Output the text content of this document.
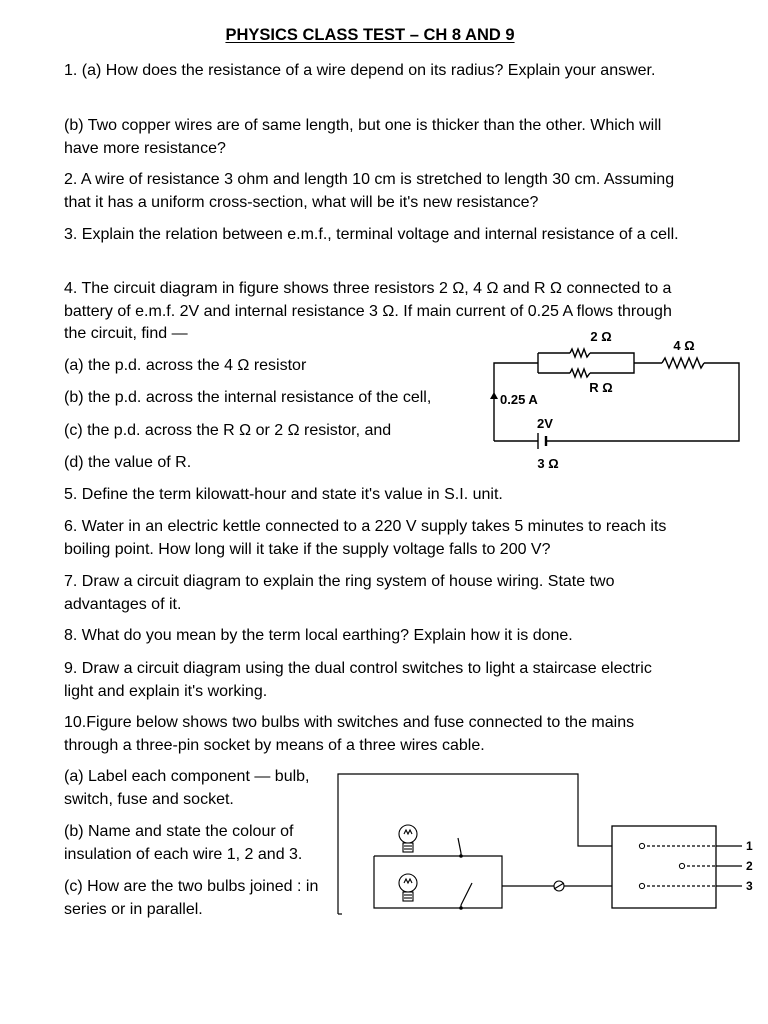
PHYSICS CLASS TEST – CH 8 AND 9

1. (a) How does the resistance of a wire depend on its radius? Explain your answer.

(b) Two copper wires are of same length, but one is thicker than the other. Which will have more resistance?

2. A wire of resistance 3 ohm and length 10 cm is stretched to length 30 cm. Assuming that it has a uniform cross-section, what will be it's new resistance?

3. Explain the relation between e.m.f., terminal voltage and internal resistance of a cell.

4. The circuit diagram in figure shows three resistors 2 Ω, 4 Ω and R Ω connected to a battery of e.m.f. 2V and internal resistance 3 Ω. If main current of 0.25 A flows through the circuit, find —

(a) the p.d. across the 4 Ω resistor

(b) the p.d. across the internal resistance of the cell,

(c) the p.d. across the R Ω or 2 Ω resistor, and

(d) the value of R.

5. Define the term kilowatt-hour and state it's value in S.I. unit.

6. Water in an electric kettle connected to a 220 V supply takes 5 minutes to reach its boiling point. How long will it take if the supply voltage falls to 200 V?

7. Draw a circuit diagram to explain the ring system of house wiring. State two advantages of it.

8. What do you mean by the term local earthing? Explain how it is done.

9. Draw a circuit diagram using the dual control switches to light a staircase electric light and explain it's working.

10.Figure below shows two bulbs with switches and fuse connected to the mains through a three-pin socket by means of a three wires cable.

(a) Label each component — bulb, switch, fuse and socket.

(b) Name and state the colour of insulation of each wire 1, 2 and 3.

(c) How are the two bulbs joined : in series or in parallel.

2 Ω
4 Ω
R Ω
0.25 A
2V
3 Ω
1
2
3
